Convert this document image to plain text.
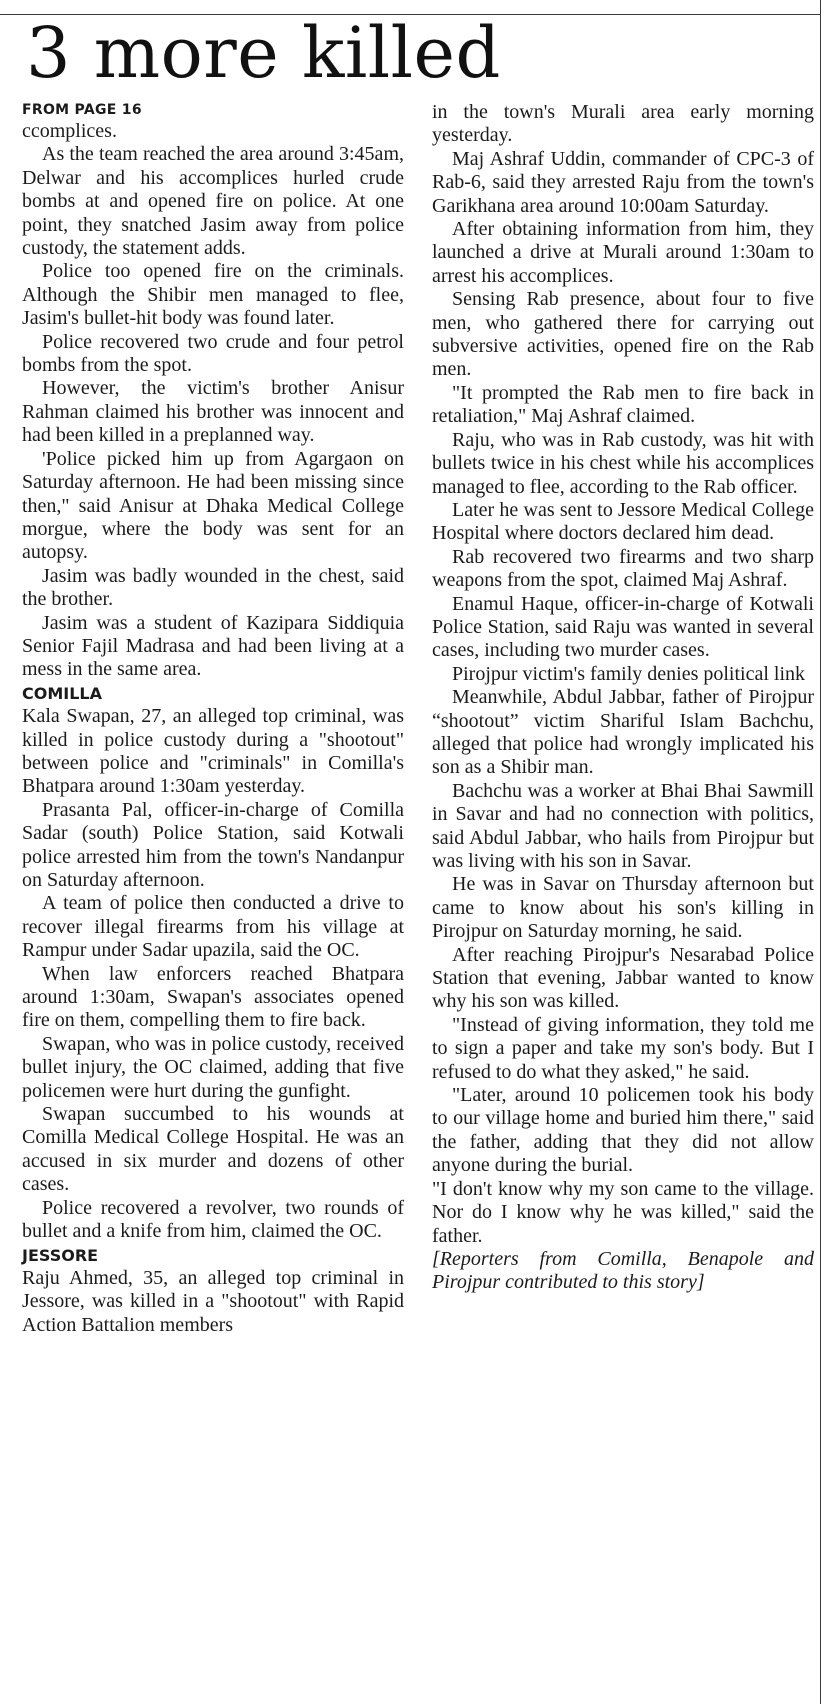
3 more killed
FROM PAGE 16

ccomplices.

As the team reached the area around 3:45am, Delwar and his accomplices hurled crude bombs at and opened fire on police. At one point, they snatched Jasim away from police custody, the statement adds.

Police too opened fire on the criminals. Although the Shibir men managed to flee, Jasim's bullet-hit body was found later.

Police recovered two crude and four petrol bombs from the spot.

However, the victim's brother Anisur Rahman claimed his brother was innocent and had been killed in a preplanned way.

'Police picked him up from Agargaon on Saturday afternoon. He had been missing since then," said Anisur at Dhaka Medical College morgue, where the body was sent for an autopsy.

Jasim was badly wounded in the chest, said the brother.

Jasim was a student of Kazipara Siddiquia Senior Fajil Madrasa and had been living at a mess in the same area.

COMILLA

Kala Swapan, 27, an alleged top criminal, was killed in police custody during a "shootout" between police and "criminals" in Comilla's Bhatpara around 1:30am yesterday.

Prasanta Pal, officer-in-charge of Comilla Sadar (south) Police Station, said Kotwali police arrested him from the town's Nandanpur on Saturday afternoon.

A team of police then conducted a drive to recover illegal firearms from his village at Rampur under Sadar upazila, said the OC.

When law enforcers reached Bhatpara around 1:30am, Swapan's associates opened fire on them, compelling them to fire back.

Swapan, who was in police custody, received bullet injury, the OC claimed, adding that five policemen were hurt during the gunfight.

Swapan succumbed to his wounds at Comilla Medical College Hospital. He was an accused in six murder and dozens of other cases.

Police recovered a revolver, two rounds of bullet and a knife from him, claimed the OC.

JESSORE

Raju Ahmed, 35, an alleged top criminal in Jessore, was killed in a "shootout" with Rapid Action Battalion members

in the town's Murali area early morning yesterday.

Maj Ashraf Uddin, commander of CPC-3 of Rab-6, said they arrested Raju from the town's Garikhana area around 10:00am Saturday.

After obtaining information from him, they launched a drive at Murali around 1:30am to arrest his accomplices.

Sensing Rab presence, about four to five men, who gathered there for carrying out subversive activities, opened fire on the Rab men.

"It prompted the Rab men to fire back in retaliation," Maj Ashraf claimed.

Raju, who was in Rab custody, was hit with bullets twice in his chest while his accomplices managed to flee, according to the Rab officer.

Later he was sent to Jessore Medical College Hospital where doctors declared him dead.

Rab recovered two firearms and two sharp weapons from the spot, claimed Maj Ashraf.

Enamul Haque, officer-in-charge of Kotwali Police Station, said Raju was wanted in several cases, including two murder cases.

Pirojpur victim's family denies political link

Meanwhile, Abdul Jabbar, father of Pirojpur “shootout” victim Shariful Islam Bachchu, alleged that police had wrongly implicated his son as a Shibir man.

Bachchu was a worker at Bhai Bhai Sawmill in Savar and had no connection with politics, said Abdul Jabbar, who hails from Pirojpur but was living with his son in Savar.

He was in Savar on Thursday afternoon but came to know about his son's killing in Pirojpur on Saturday morning, he said.

After reaching Pirojpur's Nesarabad Police Station that evening, Jabbar wanted to know why his son was killed.

"Instead of giving information, they told me to sign a paper and take my son's body. But I refused to do what they asked," he said.

"Later, around 10 policemen took his body to our village home and buried him there," said the father, adding that they did not allow anyone during the burial.

"I don't know why my son came to the village. Nor do I know why he was killed," said the father.

[Reporters from Comilla, Benapole and Pirojpur contributed to this story]
